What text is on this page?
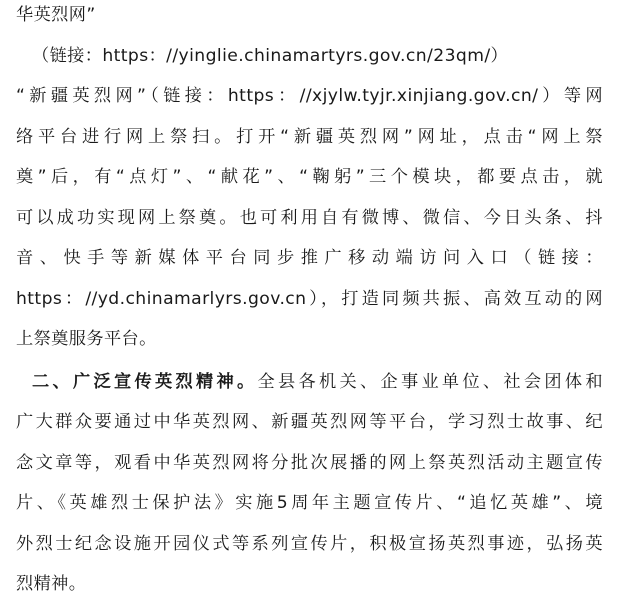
华英烈网”
（链接：https：//yinglie.chinamartyrs.gov.cn/23qm/）
“新疆英烈网”（链接：https：//xjylw.tyjr.xinjiang.gov.cn/）等网
络平台进行网上祭扫。打开“新疆英烈网”网址，点击“网上祭
奠”后，有“点灯”、“献花”、“鞠躬”三个模块，都要点击，就
可以成功实现网上祭奠。也可利用自有微博、微信、今日头条、抖
音、快手等新媒体平台同步推广移动端访问入口（链接：
https：//yd.chinamarlyrs.gov.cn），打造同频共振、高效互动的网
上祭奠服务平台。
二、广泛宣传英烈精神。全县各机关、企事业单位、社会团体和
广大群众要通过中华英烈网、新疆英烈网等平台，学习烈士故事、纪
念文章等，观看中华英烈网将分批次展播的网上祭英烈活动主题宣传
片、《英雄烈士保护法》实施5周年主题宣传片、“追忆英雄”、境
外烈士纪念设施开园仪式等系列宣传片，积极宣扬英烈事迹，弘扬英
烈精神。
